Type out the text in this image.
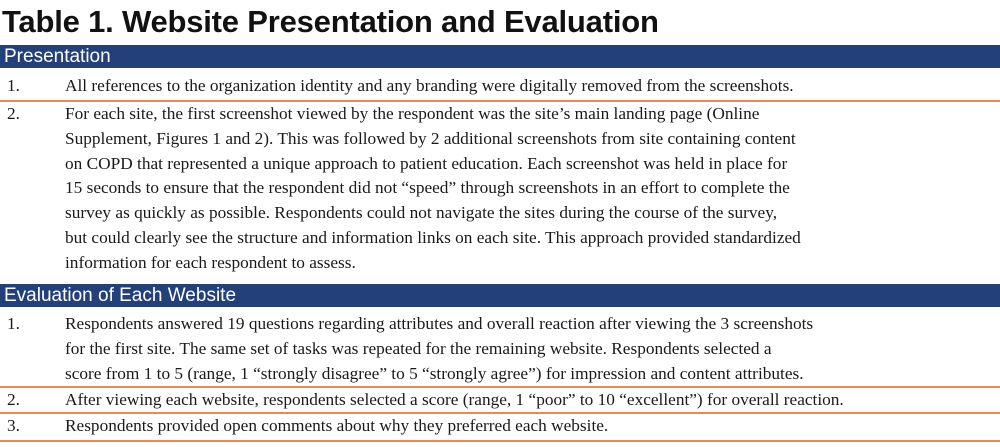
Table 1. Website Presentation and Evaluation
Presentation
1.	All references to the organization identity and any branding were digitally removed from the screenshots.
2.	For each site, the first screenshot viewed by the respondent was the site’s main landing page (Online
Supplement, Figures 1 and 2). This was followed by 2 additional screenshots from site containing content
on COPD that represented a unique approach to patient education. Each screenshot was held in place for
15 seconds to ensure that the respondent did not “speed” through screenshots in an effort to complete the
survey as quickly as possible. Respondents could not navigate the sites during the course of the survey,
but could clearly see the structure and information links on each site. This approach provided standardized
information for each respondent to assess.
Evaluation of Each Website
1.	Respondents answered 19 questions regarding attributes and overall reaction after viewing the 3 screenshots
for the first site. The same set of tasks was repeated for the remaining website. Respondents selected a
score from 1 to 5 (range, 1 “strongly disagree” to 5 “strongly agree”) for impression and content attributes.
2.	After viewing each website, respondents selected a score (range, 1 “poor” to 10 “excellent”) for overall reaction.
3.	Respondents provided open comments about why they preferred each website.
